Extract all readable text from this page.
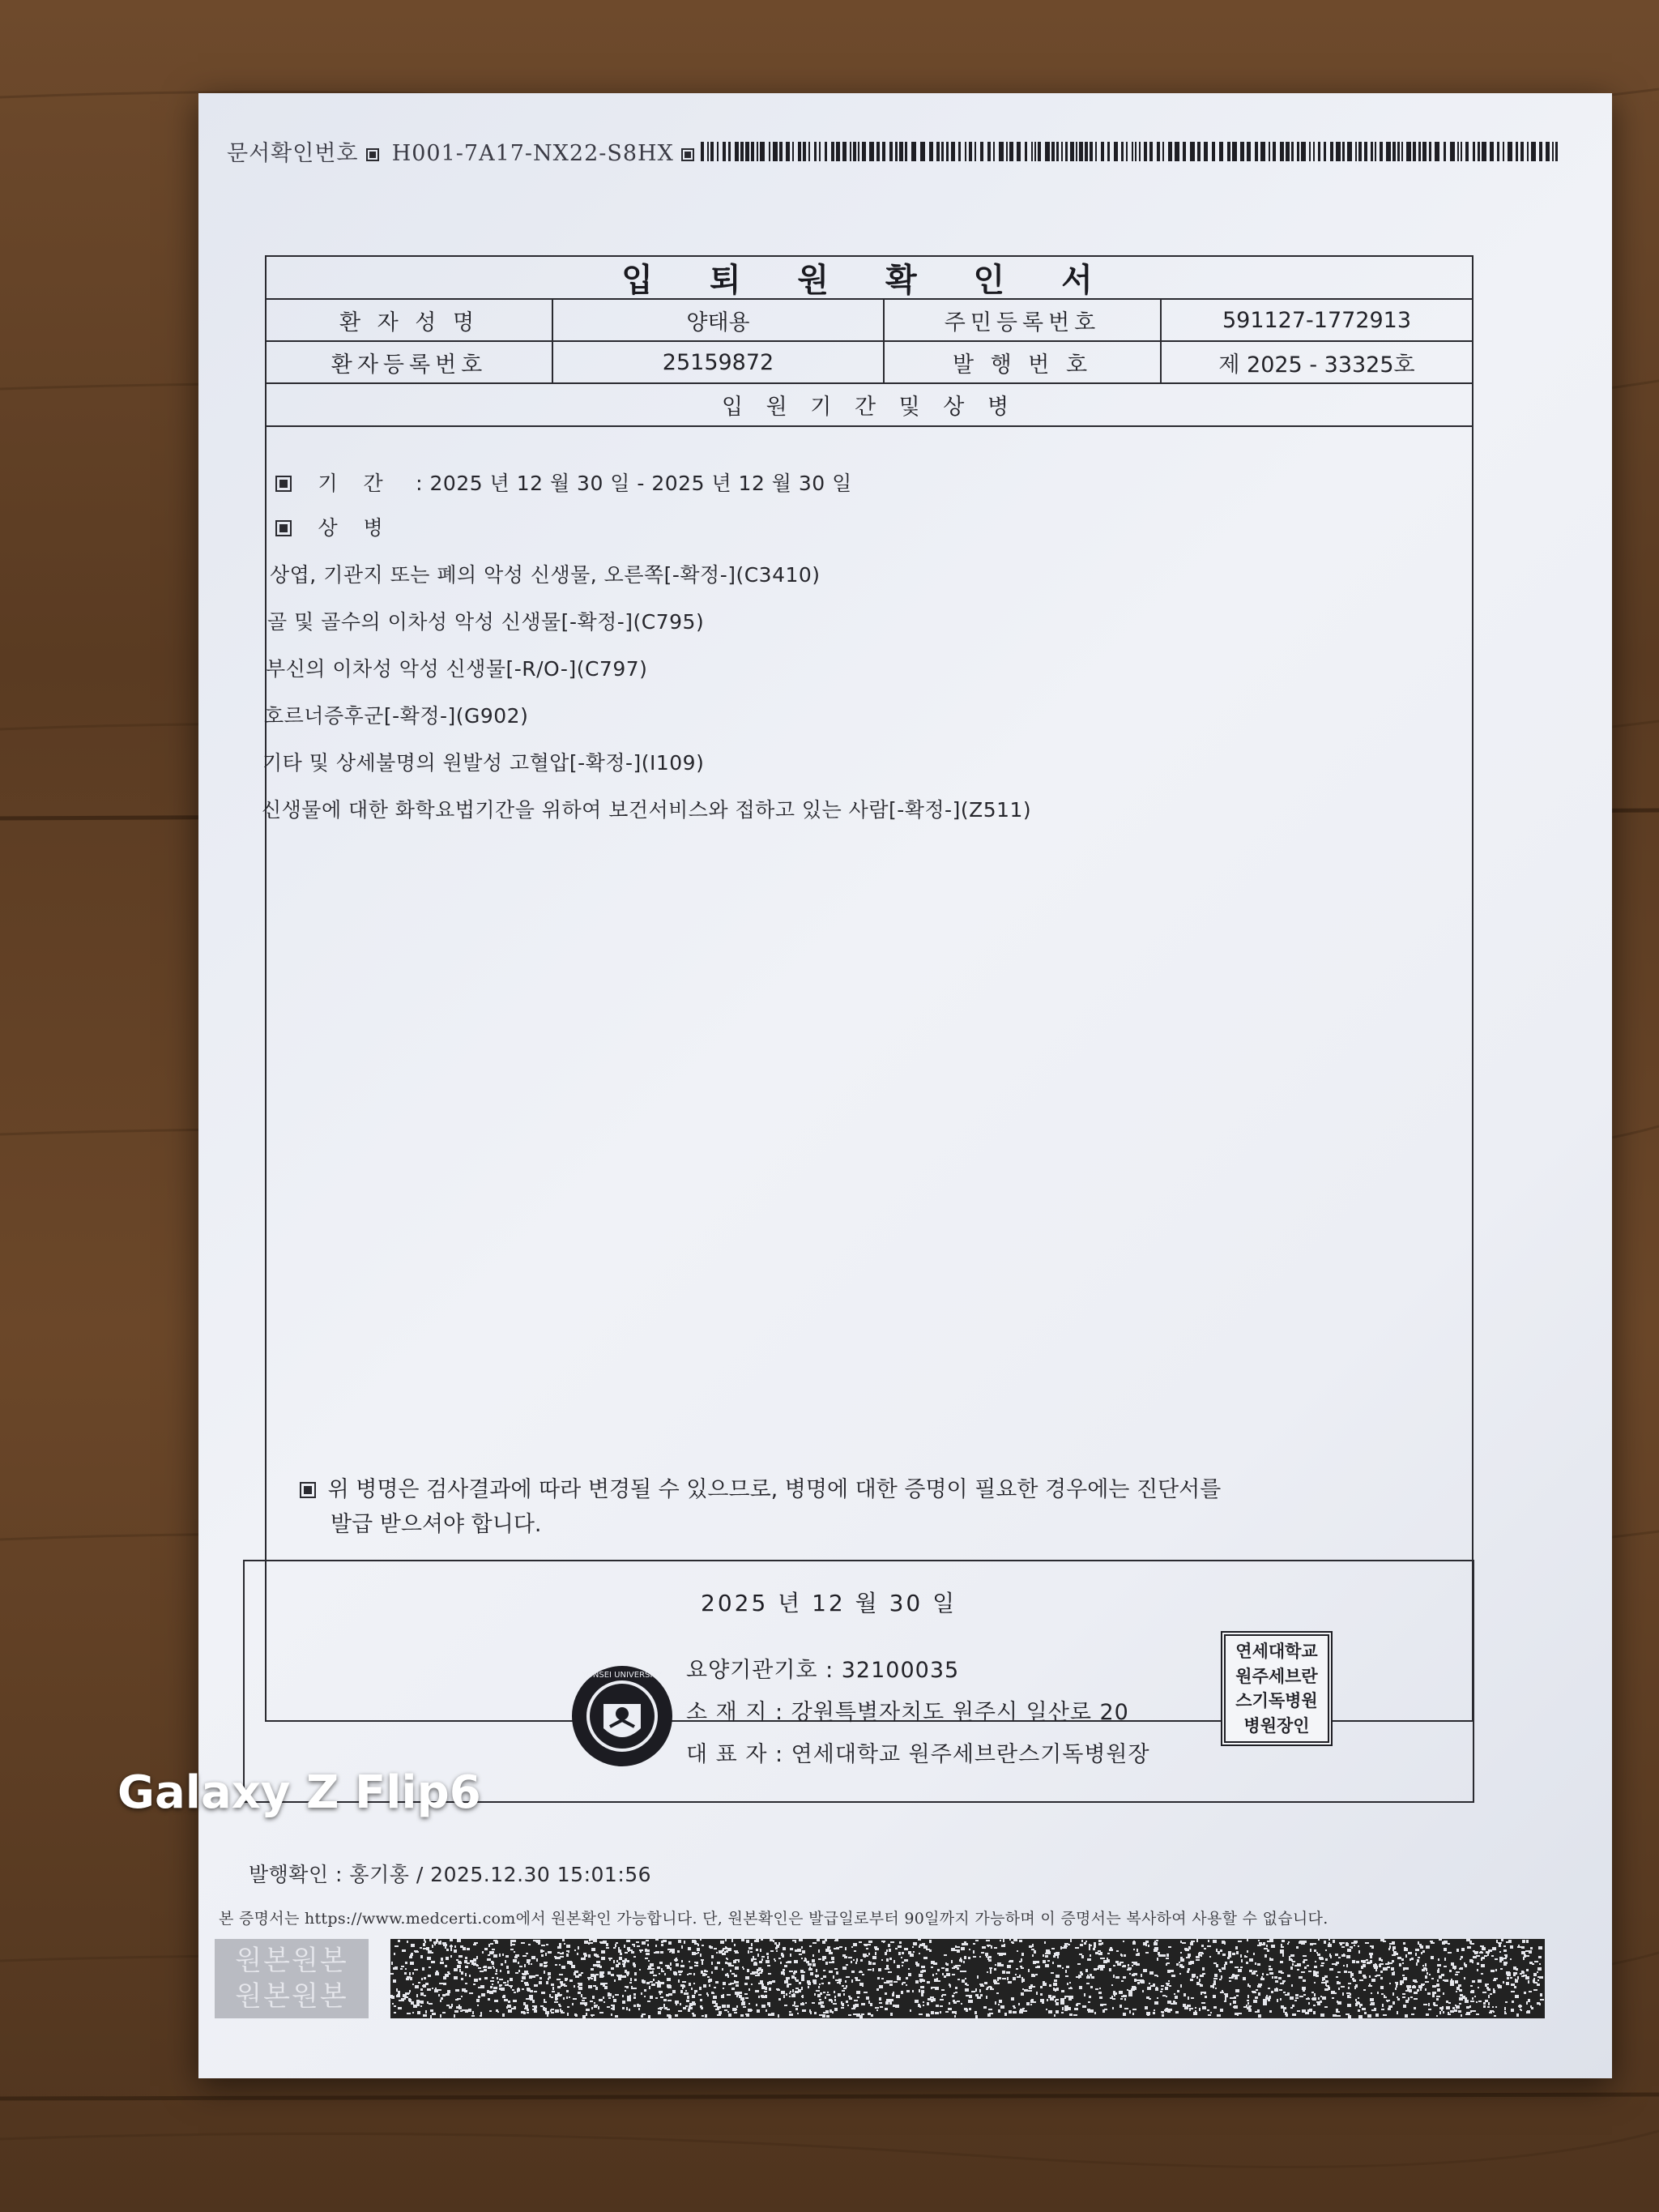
문서확인번호 H001-7A17-NX22-S8HX
입 퇴 원 확 인 서
환 자 성 명	양태용	주민등록번호	591127-1772913
환자등록번호	25159872	발 행 번 호	제 2025 - 33325호
입 원 기 간 및 상 병
기 간 : 2025 년 12 월 30 일 - 2025 년 12 월 30 일
상 병
상엽, 기관지 또는 폐의 악성 신생물, 오른쪽[-확정-](C3410)
골 및 골수의 이차성 악성 신생물[-확정-](C795)
부신의 이차성 악성 신생물[-R/O-](C797)
호르너증후군[-확정-](G902)
기타 및 상세불명의 원발성 고혈압[-확정-](I109)
신생물에 대한 화학요법기간을 위하여 보건서비스와 접하고 있는 사람[-확정-](Z511)
위 병명은 검사결과에 따라 변경될 수 있으므로, 병명에 대한 증명이 필요한 경우에는 진단서를
발급 받으셔야 합니다.
2025 년 12 월 30 일
YONSEI UNIVERSITY 요양기관기호 : 32100035
소 재 지 : 강원특별자치도 원주시 일산로 20
대 표 자 : 연세대학교 원주세브란스기독병원장
연세대학교
원주세브란
스기독병원
병원장인
발행확인 : 홍기홍 / 2025.12.30 15:01:56
본 증명서는 https://www.medcerti.com에서 원본확인 가능합니다. 단, 원본확인은 발급일로부터 90일까지 가능하며 이 증명서는 복사하여 사용할 수 없습니다.
원본원본
원본원본
Galaxy Z Flip6
